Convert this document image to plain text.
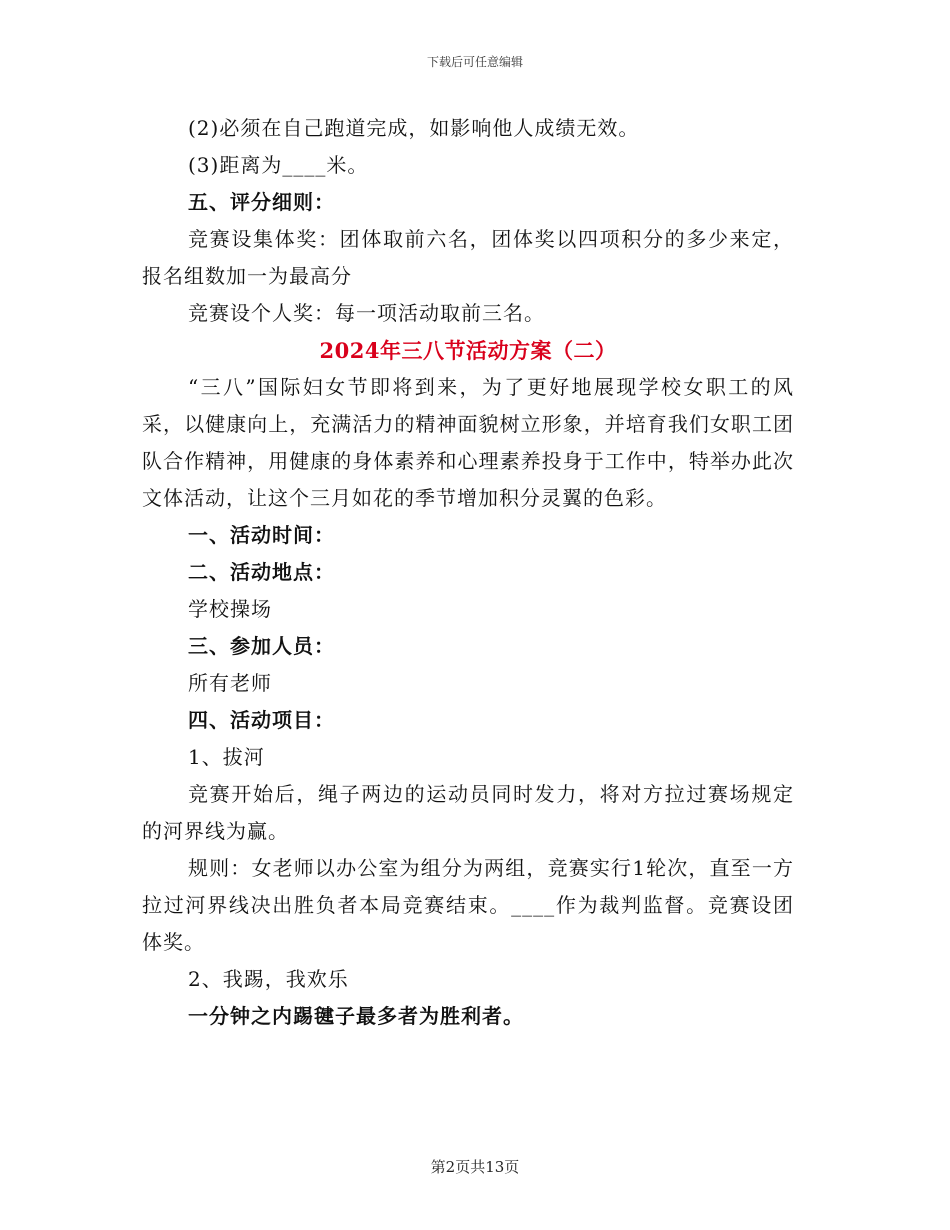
下载后可任意编辑

(2)必须在自己跑道完成，如影响他人成绩无效。

(3)距离为____米。

五、评分细则：

竞赛设集体奖：团体取前六名，团体奖以四项积分的多少来定，报名组数加一为最高分

竞赛设个人奖：每一项活动取前三名。

2024年三八节活动方案（二）

“三八”国际妇女节即将到来，为了更好地展现学校女职工的风采，以健康向上，充满活力的精神面貌树立形象，并培育我们女职工团队合作精神，用健康的身体素养和心理素养投身于工作中，特举办此次文体活动，让这个三月如花的季节增加积分灵翼的色彩。

一、活动时间：

二、活动地点：

学校操场

三、参加人员：

所有老师

四、活动项目：

1、拔河

竞赛开始后，绳子两边的运动员同时发力，将对方拉过赛场规定的河界线为赢。

规则：女老师以办公室为组分为两组，竞赛实行1轮次，直至一方拉过河界线决出胜负者本局竞赛结束。____作为裁判监督。竞赛设团体奖。

2、我踢，我欢乐

一分钟之内踢毽子最多者为胜利者。

第2页共13页
